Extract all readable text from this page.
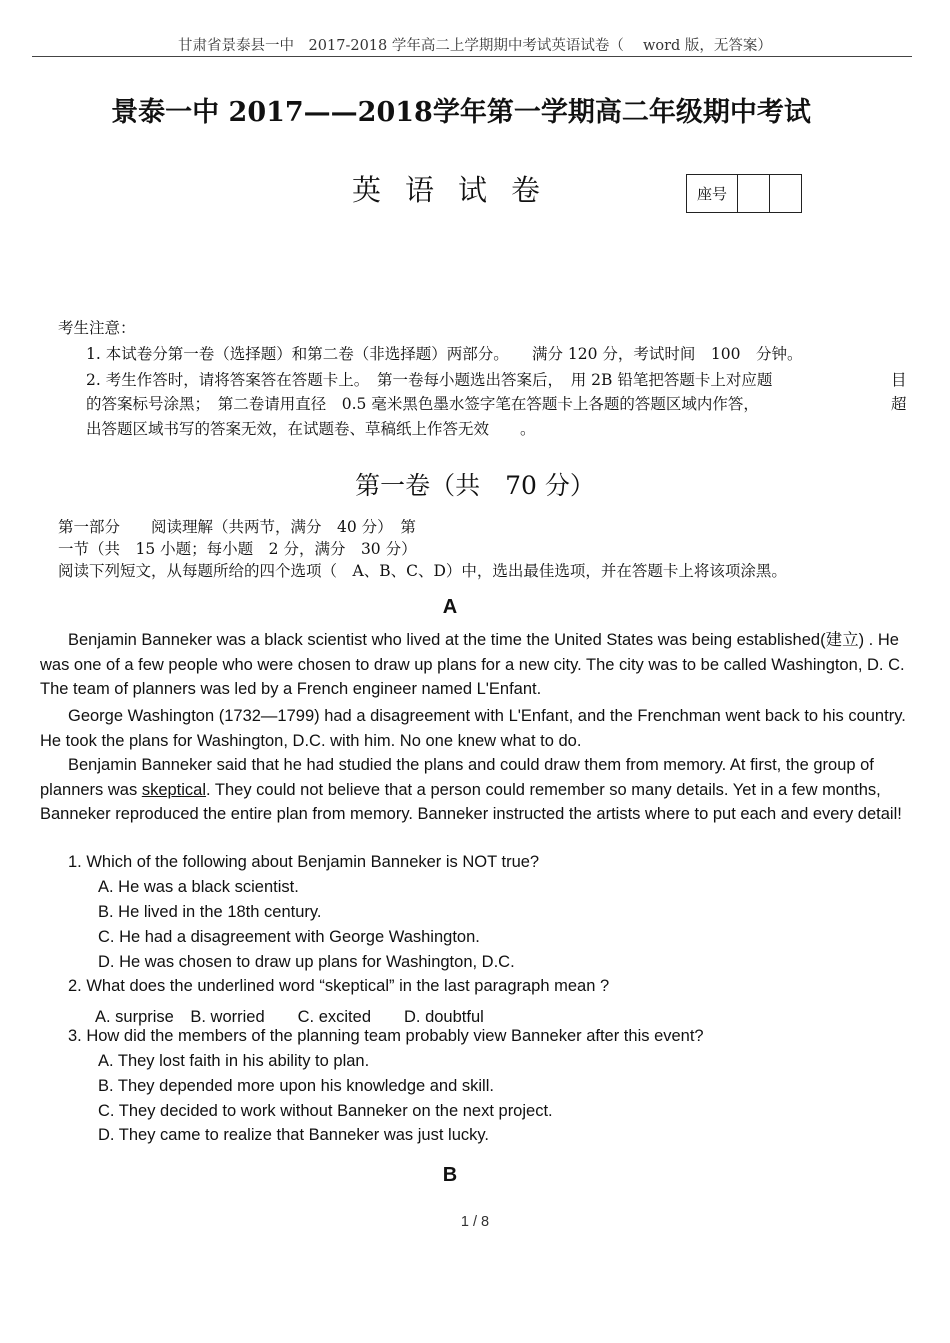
甘肃省景泰县一中　2017-2018 学年高二上学期期中考试英语试卷（　 word 版，无答案）
景泰一中 2017——2018学年第一学期高二年级期中考试
英语试卷	座号
考生注意：
1. 本试卷分第一卷（选择题）和第二卷（非选择题）两部分。　　满分 120 分，考试时间　100　分钟。
2. 考生作答时，请将答案答在答题卡上。　第一卷每小题选出答案后，　用 2B 铅笔把答题卡上对应题	目
的答案标号涂黑；　第二卷请用直径　0.5 毫米黑色墨水签字笔在答题卡上各题的答题区域内作答，	超
出答题区域书写的答案无效，在试题卷、草稿纸上作答无效　　。
第一卷（共　70 分）
第一部分　　阅读理解（共两节，满分　40 分）　第
一节（共　15 小题；每小题　2 分，满分　30 分）
阅读下列短文，从每题所给的四个选项（　A、B、C、D）中，选出最佳选项，并在答题卡上将该项涂黑。
A
Benjamin Banneker was a black scientist who lived at the time the United States was being established(建立) . He was one of a few people who were chosen to draw up plans for a new city. The city was to be called Washington, D. C. The team of planners was led by a French engineer named L'Enfant.
George Washington (1732—1799) had a disagreement with L'Enfant, and the Frenchman went back to his country. He took the plans for Washington, D.C. with him. No one knew what to do.
Benjamin Banneker said that he had studied the plans and could draw them from memory. At first, the group of planners was skeptical. They could not believe that a person could remember so many details. Yet in a few months, Banneker reproduced the entire plan from memory. Banneker instructed the artists where to put each and every detail!
1. Which of the following about Benjamin Banneker is NOT true?
A. He was a black scientist.
B. He lived in the 18th century.
C. He had a disagreement with George Washington.
D. He was chosen to draw up plans for Washington, D.C.
2. What does the underlined word “skeptical” in the last paragraph mean ?
A. surprise　B. worried　　C. excited　　D. doubtful
3. How did the members of the planning team probably view Banneker after this event?
A. They lost faith in his ability to plan.
B. They depended more upon his knowledge and skill.
C. They decided to work without Banneker on the next project.
D. They came to realize that Banneker was just lucky.
B
1 / 8
